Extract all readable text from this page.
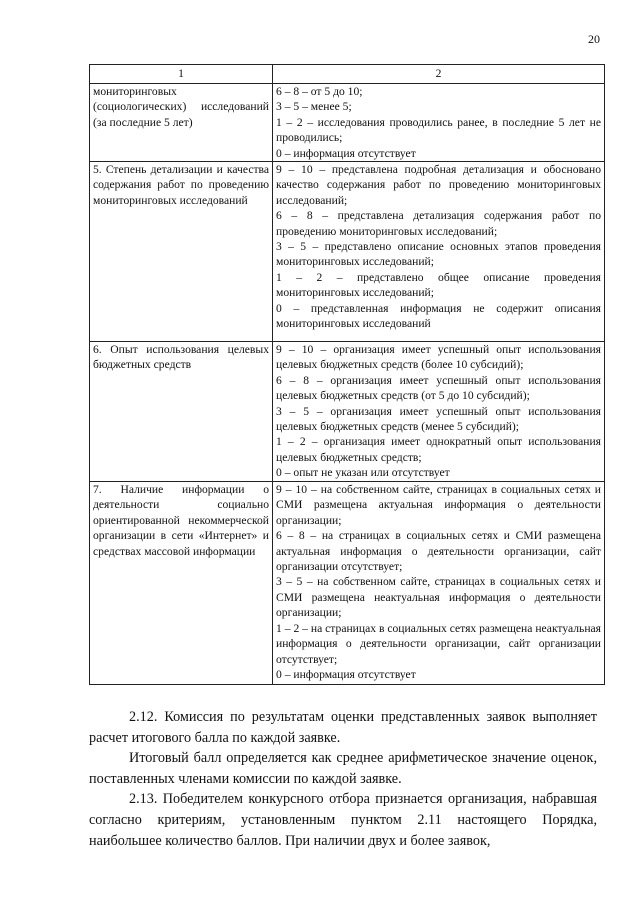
20
1	2
мониторинговых (социологических) исследований (за последние 5 лет)	6 – 8 – от 5 до 10;
3 – 5 – менее 5;
1 – 2 – исследования проводились ранее, в последние 5 лет не проводились;
0 – информация отсутствует

5. Степень детализации и качества содержания работ по проведению мониторинговых исследований	9 – 10 – представлена подробная детализация и обосновано качество содержания работ по проведению мониторинговых исследований;
6 – 8 – представлена детализация содержания работ по проведению мониторинговых исследований;
3 – 5 – представлено описание основных этапов проведения мониторинговых исследований;
1 – 2 – представлено общее описание проведения мониторинговых исследований;
0 – представленная информация не содержит описания мониторинговых исследований

6. Опыт использования целевых бюджетных средств	9 – 10 – организация имеет успешный опыт использования целевых бюджетных средств (более 10 субсидий);
6 – 8 – организация имеет успешный опыт использования целевых бюджетных средств (от 5 до 10 субсидий);
3 – 5 – организация имеет успешный опыт использования целевых бюджетных средств (менее 5 субсидий);
1 – 2 – организация имеет однократный опыт использования целевых бюджетных средств;
0 – опыт не указан или отсутствует

7. Наличие информации о деятельности социально ориентированной некоммерческой организации в сети «Интернет» и средствах массовой информации	9 – 10 – на собственном сайте, страницах в социальных сетях и СМИ размещена актуальная информация о деятельности организации;
6 – 8 – на страницах в социальных сетях и СМИ размещена актуальная информация о деятельности организации, сайт организации отсутствует;
3 – 5 – на собственном сайте, страницах в социальных сетях и СМИ размещена неактуальная информация о деятельности организации;
1 – 2 – на страницах в социальных сетях размещена неактуальная информация о деятельности организации, сайт организации отсутствует;
0 – информация отсутствует

2.12. Комиссия по результатам оценки представленных заявок выполняет расчет итогового балла по каждой заявке.

Итоговый балл определяется как среднее арифметическое значение оценок, поставленных членами комиссии по каждой заявке.

2.13. Победителем конкурсного отбора признается организация, набравшая согласно критериям, установленным пунктом 2.11 настоящего Порядка, наибольшее количество баллов. При наличии двух и более заявок,
